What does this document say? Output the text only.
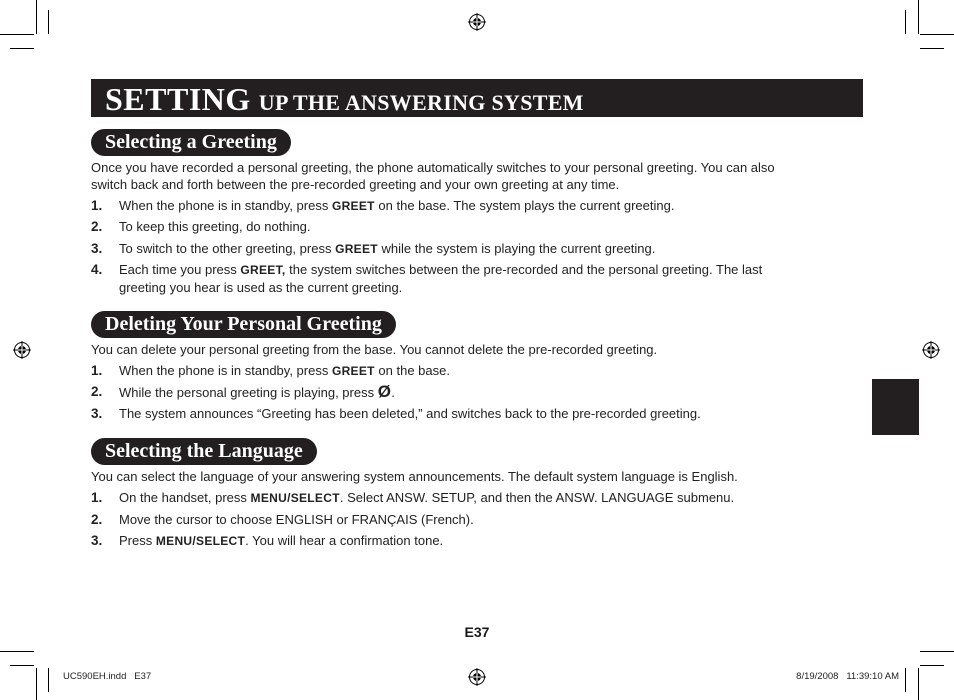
SETTING UP THE ANSWERING SYSTEM
Selecting a Greeting
Once you have recorded a personal greeting, the phone automatically switches to your personal greeting. You can also
switch back and forth between the pre-recorded greeting and your own greeting at any time.
1. When the phone is in standby, press GREET on the base. The system plays the current greeting.
2. To keep this greeting, do nothing.
3. To switch to the other greeting, press GREET while the system is playing the current greeting.
4. Each time you press GREET, the system switches between the pre-recorded and the personal greeting. The last
greeting you hear is used as the current greeting.
Deleting Your Personal Greeting
You can delete your personal greeting from the base. You cannot delete the pre-recorded greeting.
1. When the phone is in standby, press GREET on the base.
2. While the personal greeting is playing, press Ø.
3. The system announces “Greeting has been deleted,” and switches back to the pre-recorded greeting.
Selecting the Language
You can select the language of your answering system announcements. The default system language is English.
1. On the handset, press MENU/SELECT. Select ANSW. SETUP, and then the ANSW. LANGUAGE submenu.
2. Move the cursor to choose ENGLISH or FRANÇAIS (French).
3. Press MENU/SELECT. You will hear a confirmation tone.
E37
UC590EH.indd   E37	8/19/2008   11:39:10 AM
